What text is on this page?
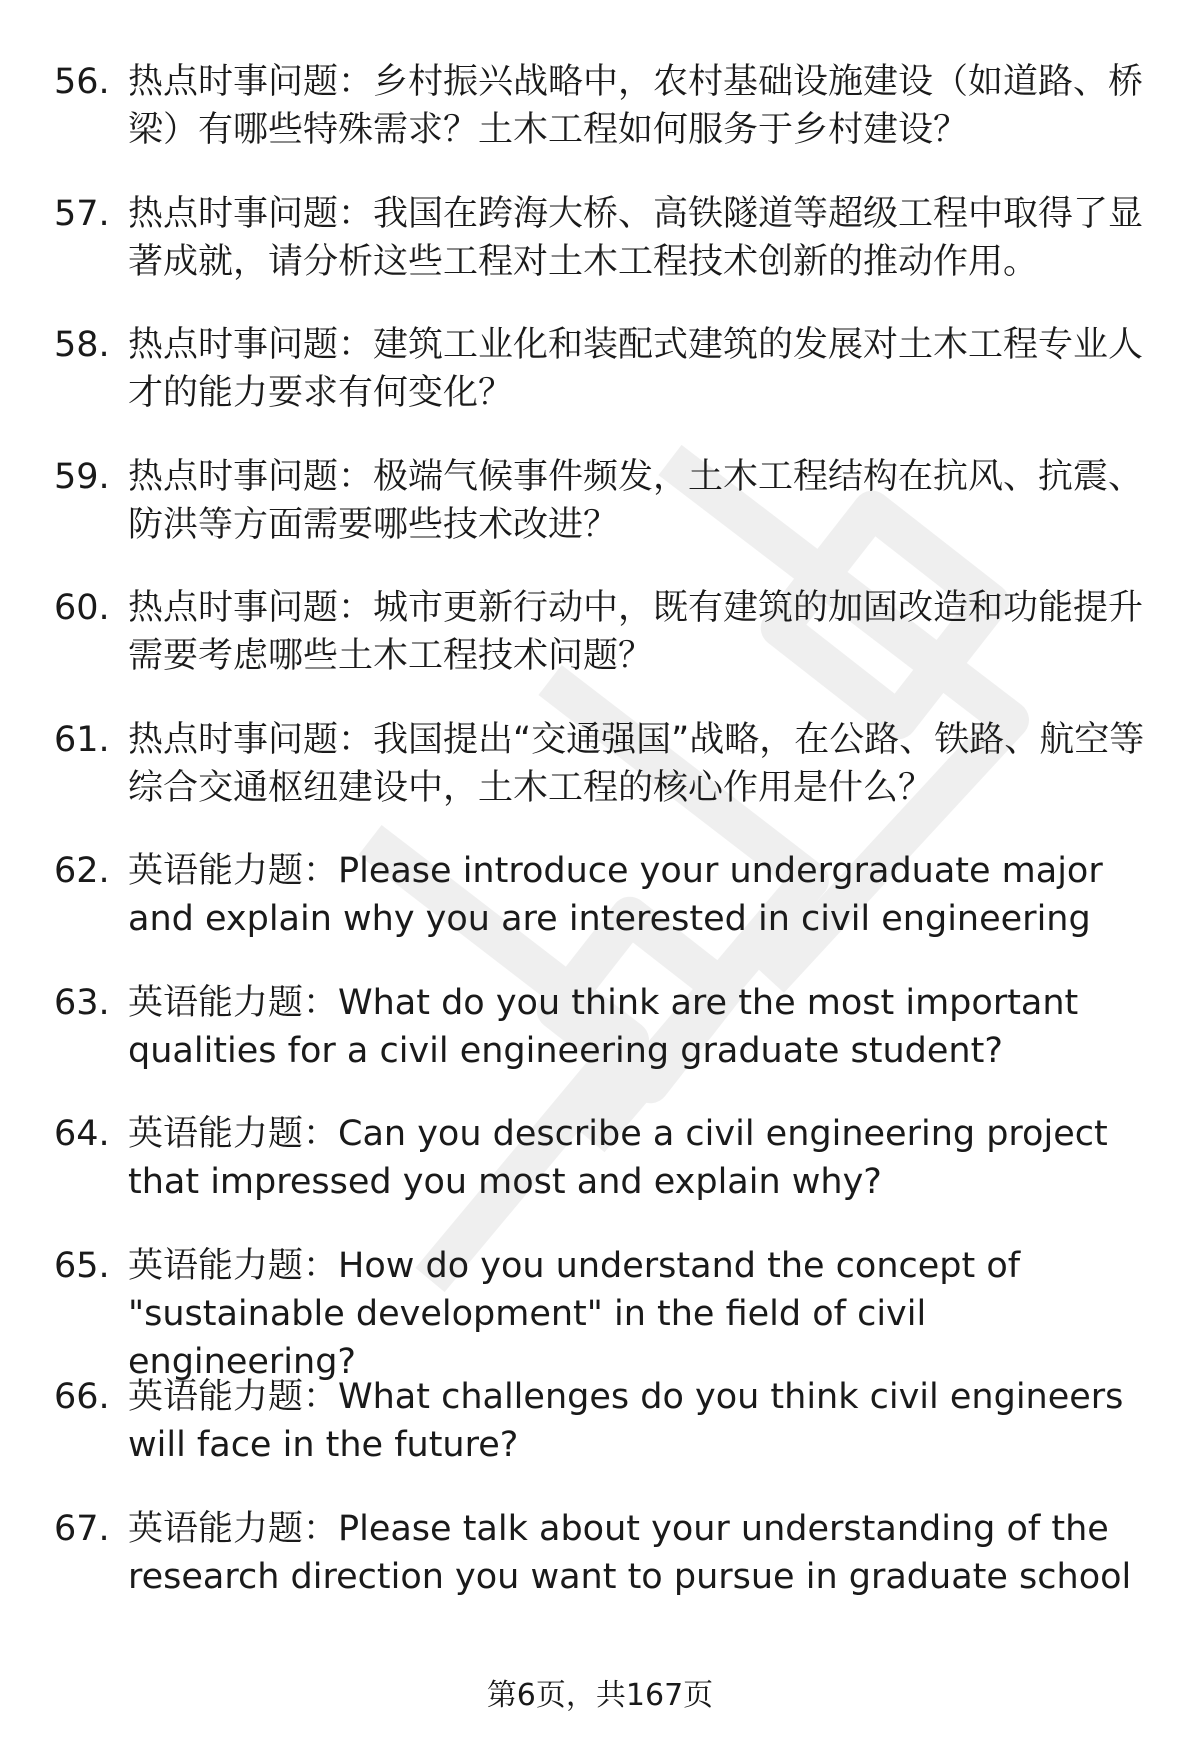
56. 热点时事问题：乡村振兴战略中，农村基础设施建设（如道路、桥梁）有哪些特殊需求？土木工程如何服务于乡村建设？
57. 热点时事问题：我国在跨海大桥、高铁隧道等超级工程中取得了显著成就，请分析这些工程对土木工程技术创新的推动作用。
58. 热点时事问题：建筑工业化和装配式建筑的发展对土木工程专业人才的能力要求有何变化？
59. 热点时事问题：极端气候事件频发，土木工程结构在抗风、抗震、防洪等方面需要哪些技术改进？
60. 热点时事问题：城市更新行动中，既有建筑的加固改造和功能提升需要考虑哪些土木工程技术问题？
61. 热点时事问题：我国提出“交通强国”战略，在公路、铁路、航空等综合交通枢纽建设中，土木工程的核心作用是什么？
62. 英语能力题：Please introduce your undergraduate major and explain why you are interested in civil engineering
63. 英语能力题：What do you think are the most important qualities for a civil engineering graduate student?
64. 英语能力题：Can you describe a civil engineering project that impressed you most and explain why?
65. 英语能力题：How do you understand the concept of "sustainable development" in the field of civil engineering?
66. 英语能力题：What challenges do you think civil engineers will face in the future?
67. 英语能力题：Please talk about your understanding of the research direction you want to pursue in graduate school
第6页，共167页
